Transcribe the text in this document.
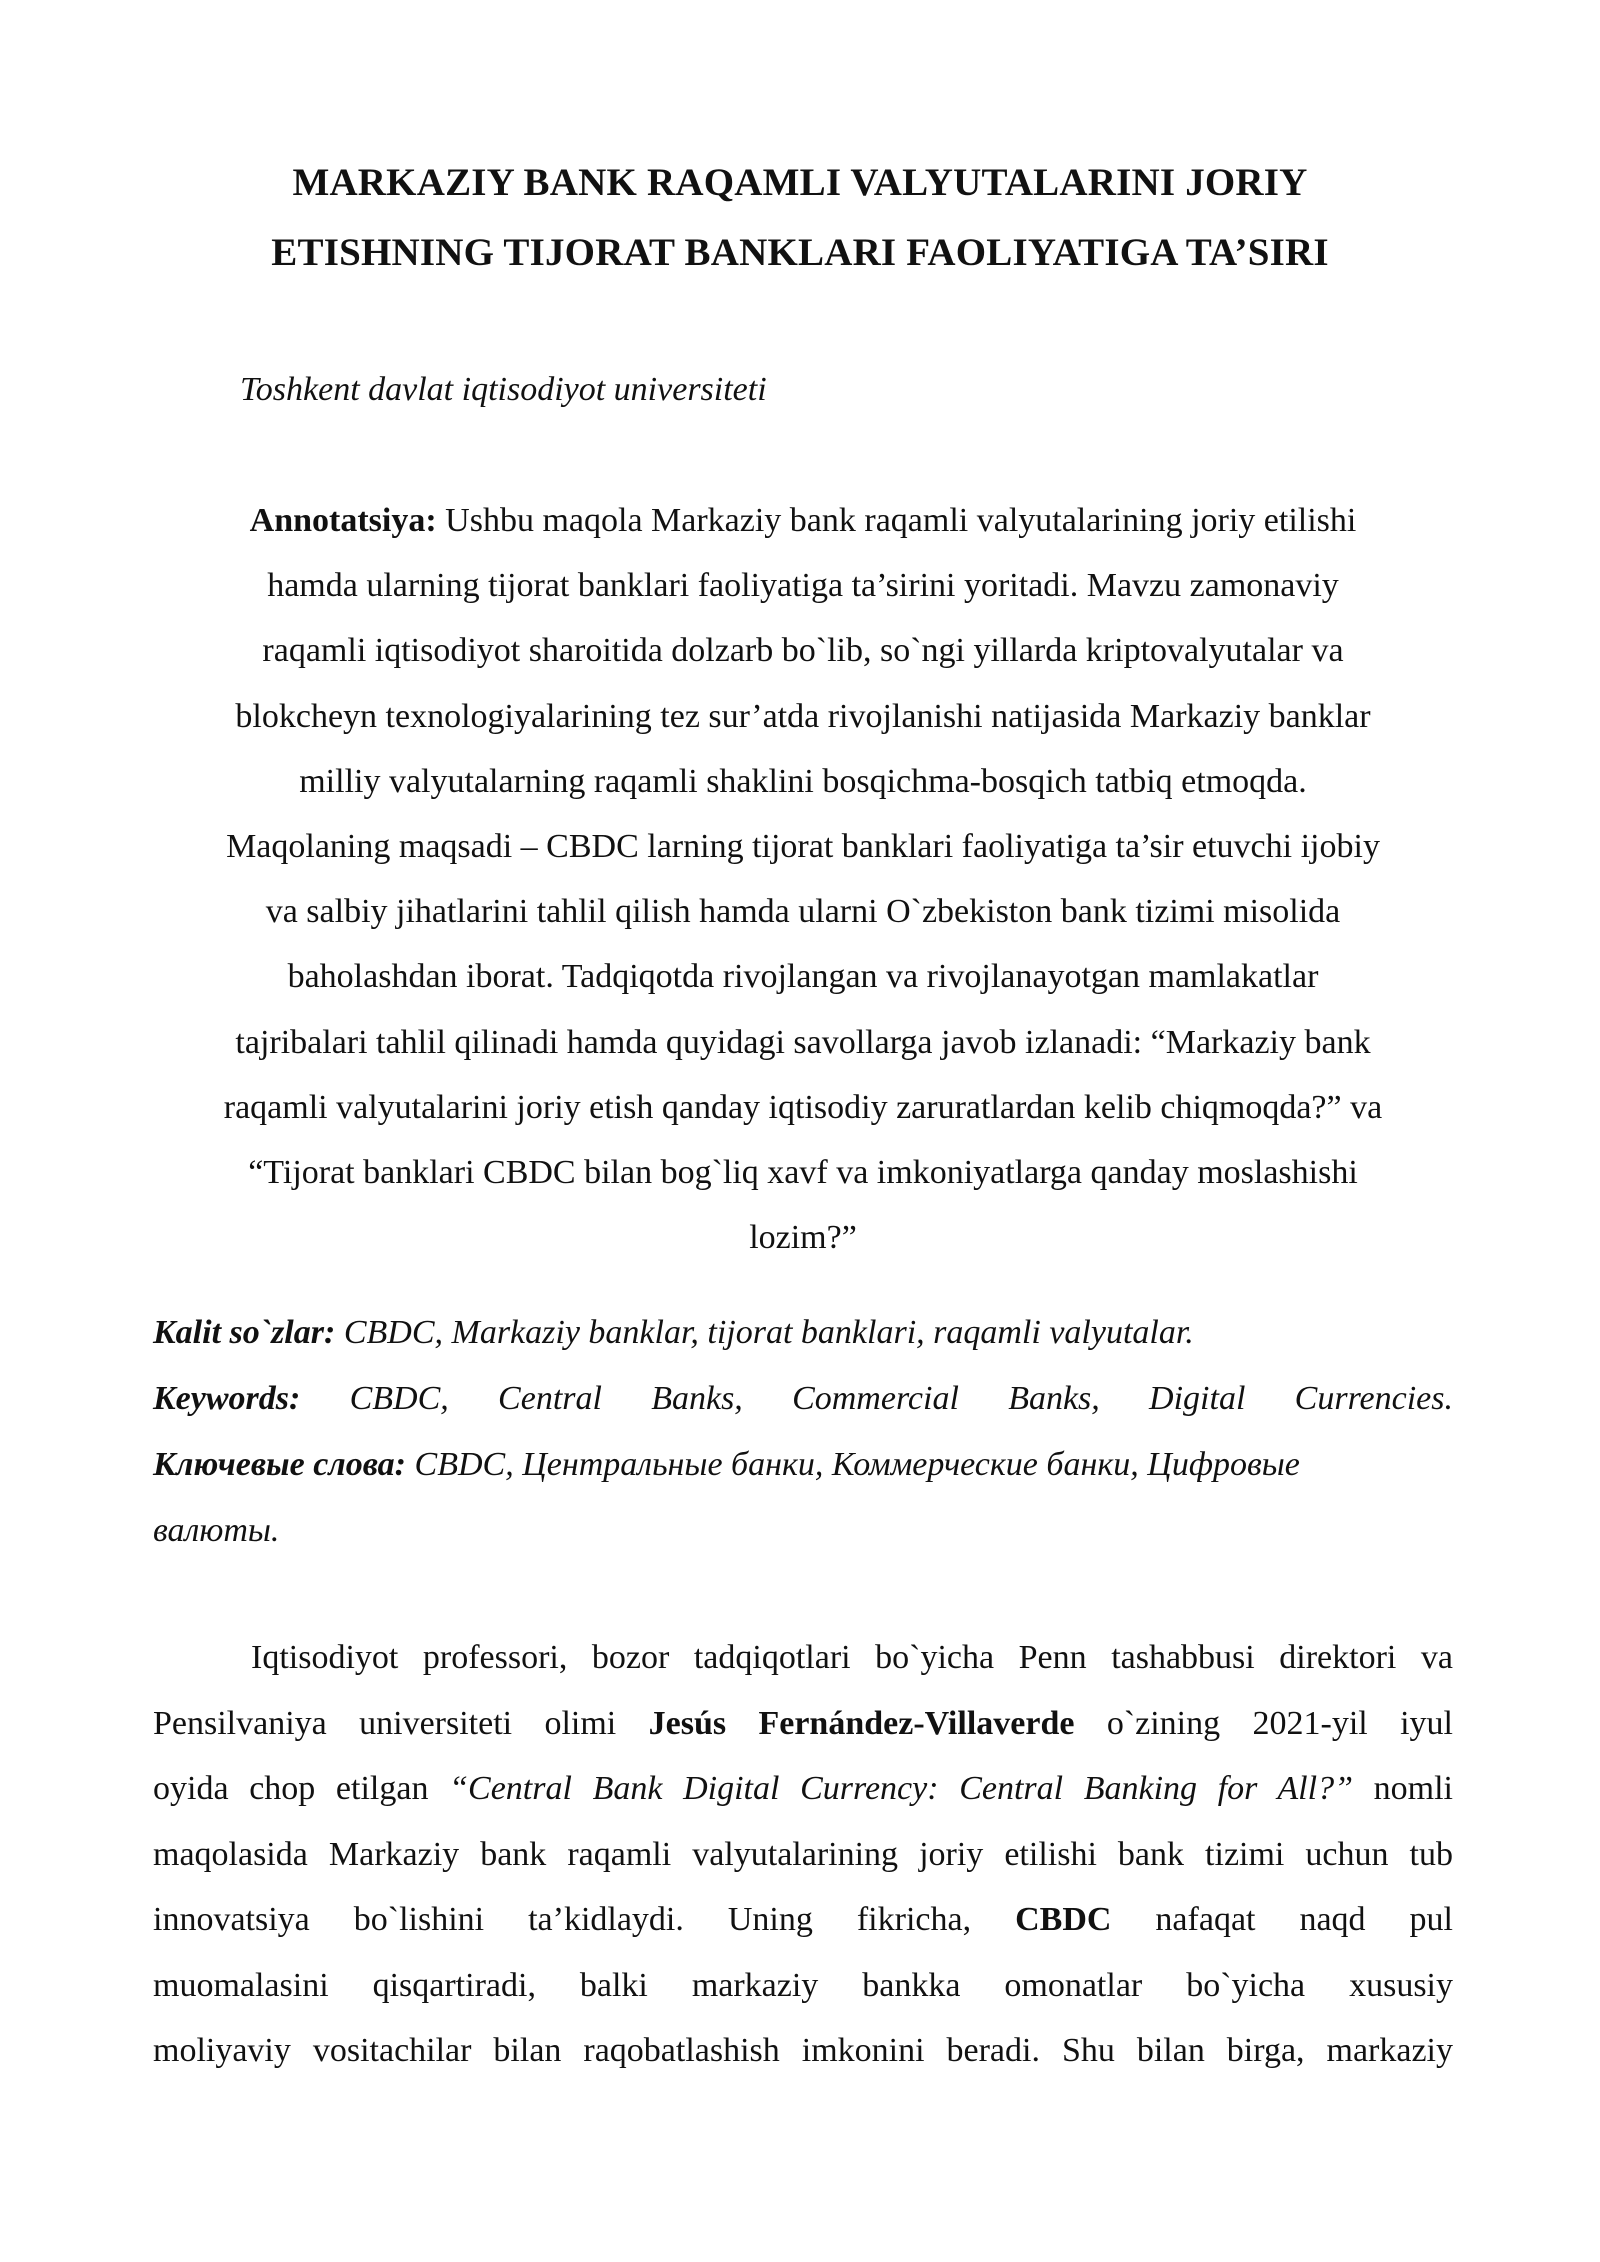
MARKAZIY BANK RAQAMLI VALYUTALARINI JORIY
ETISHNING TIJORAT BANKLARI FAOLIYATIGA TA’SIRI
Toshkent davlat iqtisodiyot universiteti
Annotatsiya: Ushbu maqola Markaziy bank raqamli valyutalarining joriy etilishi
hamda ularning tijorat banklari faoliyatiga ta’sirini yoritadi. Mavzu zamonaviy
raqamli iqtisodiyot sharoitida dolzarb bo`lib, so`ngi yillarda kriptovalyutalar va
blokcheyn texnologiyalarining tez sur’atda rivojlanishi natijasida Markaziy banklar
milliy valyutalarning raqamli shaklini bosqichma-bosqich tatbiq etmoqda.
Maqolaning maqsadi – CBDC larning tijorat banklari faoliyatiga ta’sir etuvchi ijobiy
va salbiy jihatlarini tahlil qilish hamda ularni O`zbekiston bank tizimi misolida
baholashdan iborat. Tadqiqotda rivojlangan va rivojlanayotgan mamlakatlar
tajribalari tahlil qilinadi hamda quyidagi savollarga javob izlanadi: “Markaziy bank
raqamli valyutalarini joriy etish qanday iqtisodiy zaruratlardan kelib chiqmoqda?” va
“Tijorat banklari CBDC bilan bog`liq xavf va imkoniyatlarga qanday moslashishi
lozim?”
Kalit so`zlar: CBDC, Markaziy banklar, tijorat banklari, raqamli valyutalar.
Keywords: CBDC, Central Banks, Commercial Banks, Digital Currencies.
Ключевые слова: CBDC, Центральные банки, Коммерческие банки, Цифровые
валюты.
Iqtisodiyot professori, bozor tadqiqotlari bo`yicha Penn tashabbusi direktori va
Pensilvaniya universiteti olimi Jesús Fernández-Villaverde o`zining 2021-yil iyul
oyida chop etilgan “Central Bank Digital Currency: Central Banking for All?” nomli
maqolasida Markaziy bank raqamli valyutalarining joriy etilishi bank tizimi uchun tub
innovatsiya bo`lishini ta’kidlaydi. Uning fikricha, CBDC nafaqat naqd pul
muomalasini qisqartiradi, balki markaziy bankka omonatlar bo`yicha xususiy
moliyaviy vositachilar bilan raqobatlashish imkonini beradi. Shu bilan birga, markaziy
